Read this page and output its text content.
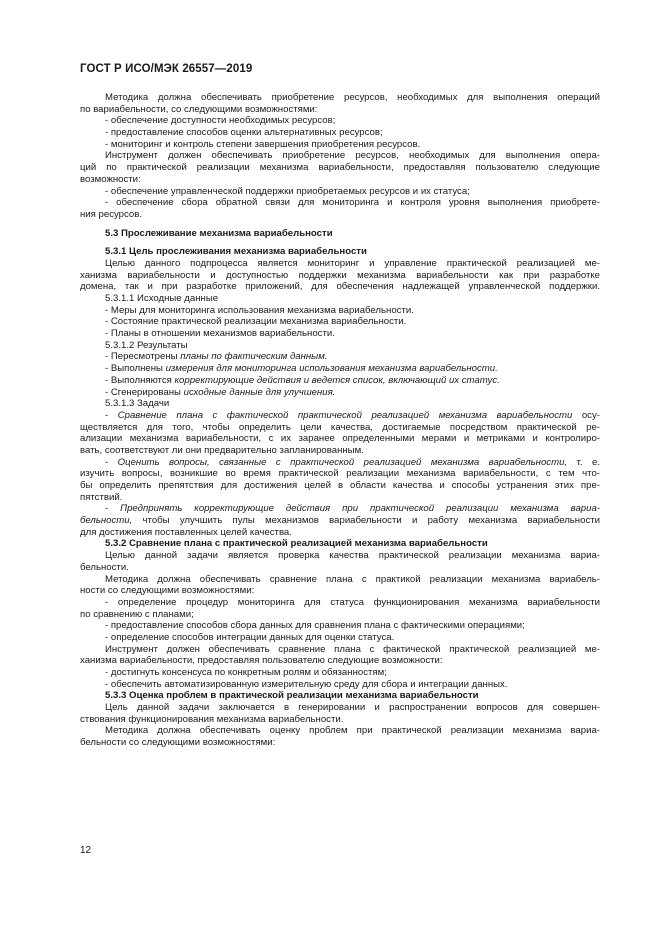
ГОСТ Р ИСО/МЭК 26557—2019
Методика должна обеспечивать приобретение ресурсов, необходимых для выполнения операций
по вариабельности, со следующими возможностями:
- обеспечение доступности необходимых ресурсов;
- предоставление способов оценки альтернативных ресурсов;
- мониторинг и контроль степени завершения приобретения ресурсов.
Инструмент должен обеспечивать приобретение ресурсов, необходимых для выполнения опера-
ций по практической реализации механизма вариабельности, предоставляя пользователю следующие
возможности:
- обеспечение управленческой поддержки приобретаемых ресурсов и их статуса;
- обеспечение сбора обратной связи для мониторинга и контроля уровня выполнения приобрете-
ния ресурсов.
5.3 Прослеживание механизма вариабельности
5.3.1 Цель прослеживания механизма вариабельности
Целью данного подпроцесса является мониторинг и управление практической реализацией ме-
ханизма вариабельности и доступностью поддержки механизма вариабельности как при разработке
домена, так и при разработке приложений, для обеспечения надлежащей управленческой поддержки.
5.3.1.1 Исходные данные
- Меры для мониторинга использования механизма вариабельности.
- Состояние практической реализации механизма вариабельности.
- Планы в отношении механизмов вариабельности.
5.3.1.2 Результаты
- Пересмотрены планы по фактическим данным.
- Выполнены измерения для мониторинга использования механизма вариабельности.
- Выполняются корректирующие действия и ведется список, включающий их статус.
- Сгенерированы исходные данные для улучшения.
5.3.1.3 Задачи
- Сравнение плана с фактической практической реализацией механизма вариабельности осу-
ществляется для того, чтобы определить цели качества, достигаемые посредством практической ре-
ализации механизма вариабельности, с их заранее определенными мерами и метриками и контролиро-
вать, соответствуют ли они предварительно запланированным.
- Оценить вопросы, связанные с практической реализацией механизма вариабельности, т. е.
изучить вопросы, возникшие во время практической реализации механизма вариабельности, с тем что-
бы определить препятствия для достижения целей в области качества и способы устранения этих пре-
пятствий.
- Предпринять корректирующие действия при практической реализации механизма вариа-
бельности, чтобы улучшить пулы механизмов вариабельности и работу механизма вариабельности
для достижения поставленных целей качества.
5.3.2 Сравнение плана с практической реализацией механизма вариабельности
Целью данной задачи является проверка качества практической реализации механизма вариа-
бельности.
Методика должна обеспечивать сравнение плана с практикой реализации механизма вариабель-
ности со следующими возможностями:
- определение процедур мониторинга для статуса функционирования механизма вариабельности
по сравнению с планами;
- предоставление способов сбора данных для сравнения плана с фактическими операциями;
- определение способов интеграции данных для оценки статуса.
Инструмент должен обеспечивать сравнение плана с фактической практической реализацией ме-
ханизма вариабельности, предоставляя пользователю следующие возможности:
- достигнуть консенсуса по конкретным ролям и обязанностям;
- обеспечить автоматизированную измерительную среду для сбора и интеграции данных.
5.3.3 Оценка проблем в практической реализации механизма вариабельности
Цель данной задачи заключается в генерировании и распространении вопросов для совершен-
ствования функционирования механизма вариабельности.
Методика должна обеспечивать оценку проблем при практической реализации механизма вариа-
бельности со следующими возможностями:
12
